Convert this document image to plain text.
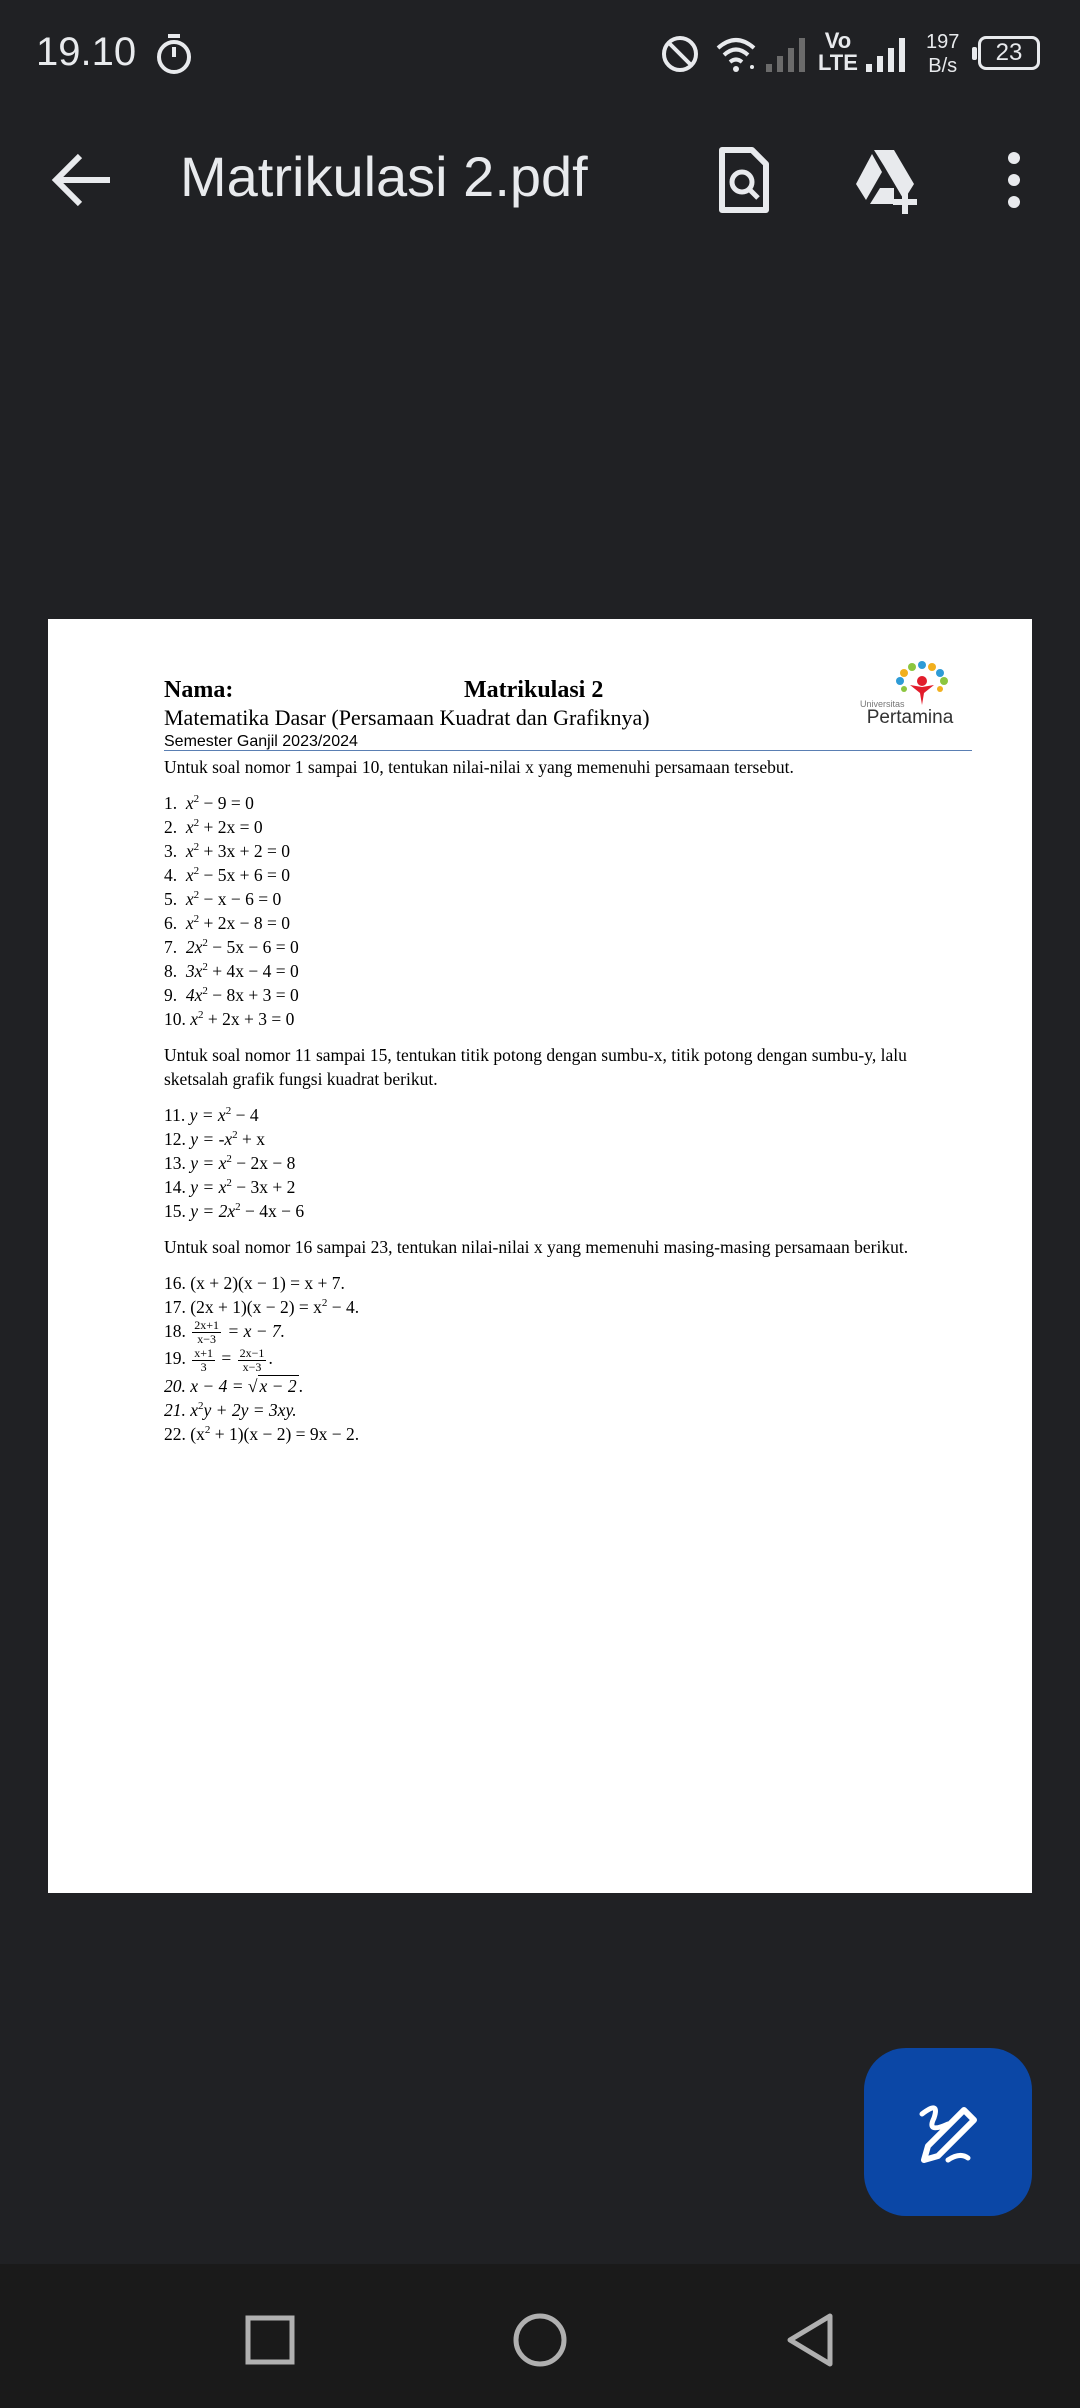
19.10	Vo
LTE
197
B/s	23
Matrikulasi 2.pdf
Nama:	Matrikulasi 2
Matematika Dasar (Persamaan Kuadrat dan Grafiknya)
Semester Ganjil 2023/2024
Universitas
Pertamina

Untuk soal nomor 1 sampai 10, tentukan nilai-nilai x yang memenuhi persamaan tersebut.

1. $x^2 - 9 = 0$

2. $x^2 + 2x = 0$

3. $x^2 + 3x + 2 = 0$

4. $x^2 - 5x + 6 = 0$

5. $x^2 - x - 6 = 0$

6. $x^2 + 2x - 8 = 0$

7. $2x^2 - 5x - 6 = 0$

8. $3x^2 + 4x - 4 = 0$

9. $4x^2 - 8x + 3 = 0$

10. $x^2 + 2x + 3 = 0$

Untuk soal nomor 11 sampai 15, tentukan titik potong dengan sumbu-x, titik potong dengan sumbu-y, lalu sketsalah grafik fungsi kuadrat berikut.

11. $y = x^2 - 4$

12. $y = -x^2 + x$

13. $y = x^2 - 2x - 8$

14. $y = x^2 - 3x + 2$

15. $y = 2x^2 - 4x - 6$

Untuk soal nomor 16 sampai 23, tentukan nilai-nilai x yang memenuhi masing-masing persamaan berikut.

16. (x + 2)(x − 1) = x + 7.

17. $(2x + 1)(x - 2) = x^2 - 4$.

18. $\frac{2x+1}{x-3} = x - 7$.

19. $\frac{x+1}{3} = \frac{2x-1}{x-3}$ .

20. x − 4 = √ x − 2 .

21. $x^2y + 2y = 3xy$.

22. $(x^2 + 1)(x - 2) = 9x - 2$.
